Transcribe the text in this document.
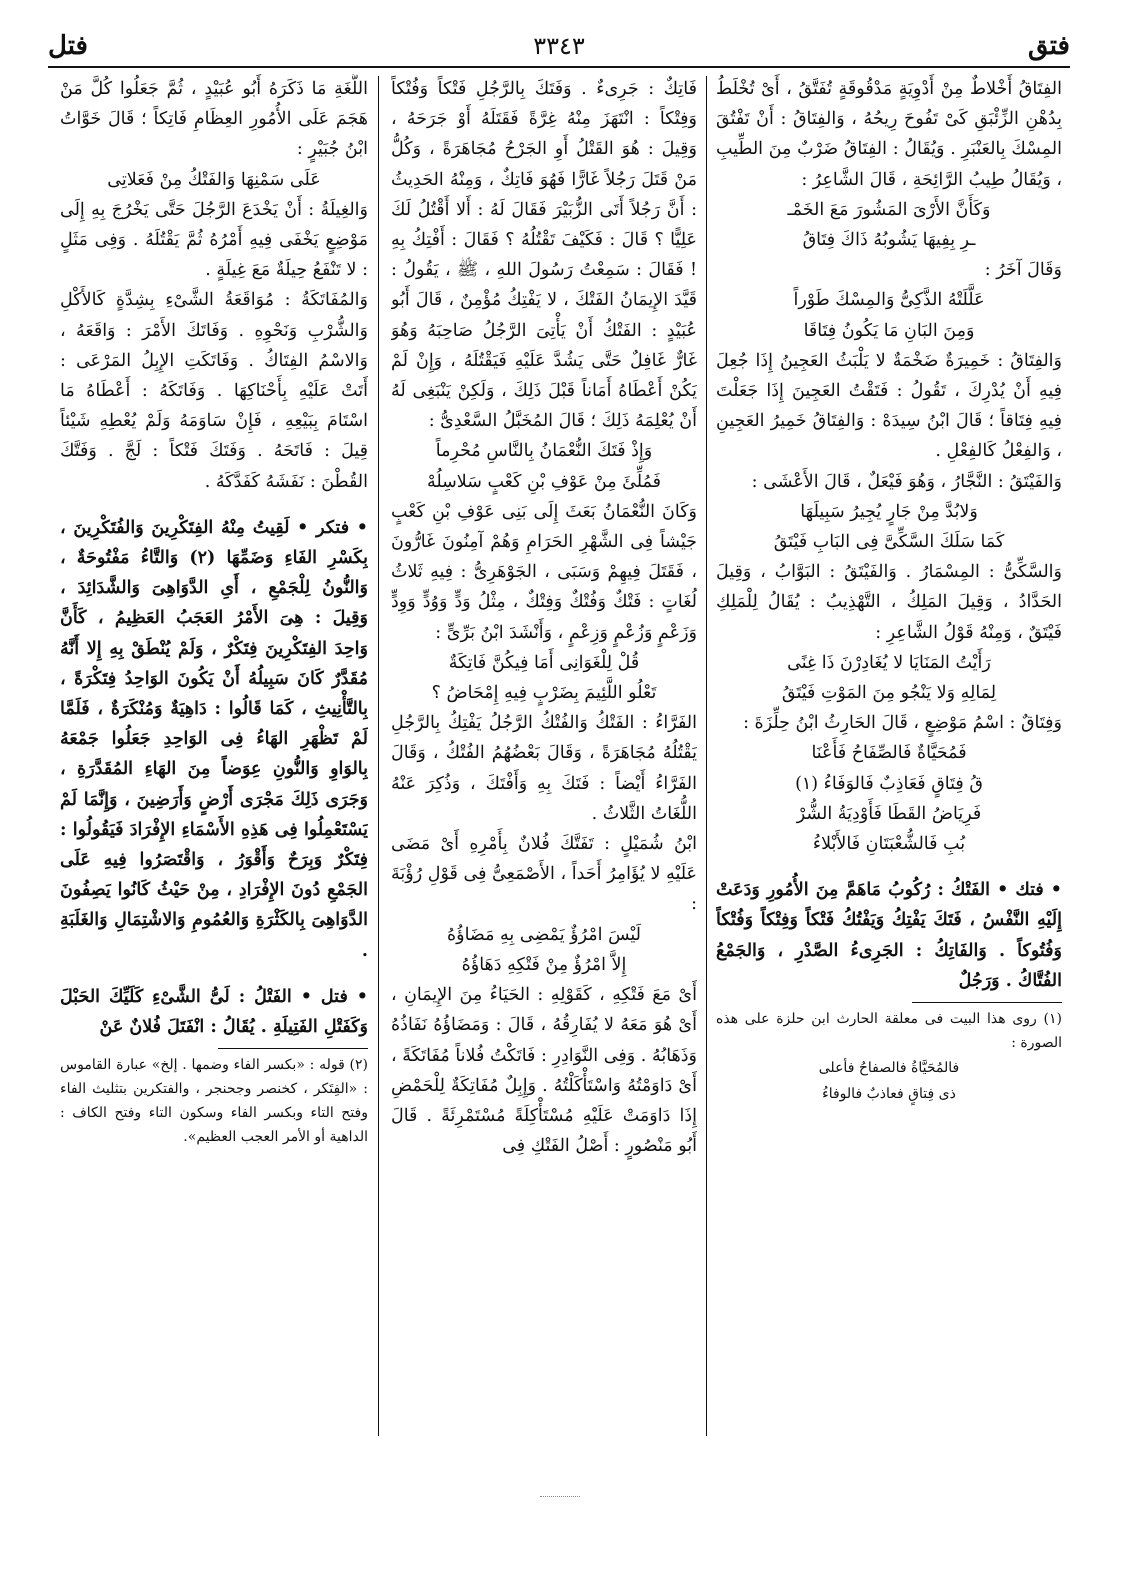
فتق
٣٣٤٣
فتل

الفِتَاقُ أَخْلاطٌ مِنْ أَدْوِيَةٍ مَدْقُوقَةٍ تُفَتَّقُ ، أَىْ تُخْلَطُ بِدُهْنِ الزِّئْبَقِ كَىْ تَفُوحَ رِيحُهُ ، وَالفِتَاقُ : أَنْ تَفْتُقَ المِسْكَ بِالعَنْبَرِ . وَيُقَالُ : الفِتَاقُ ضَرْبٌ مِنَ الطِّيبِ ، وَيُقَالُ طِيبُ الرَّائِحَةِ ، قَالَ الشَّاعِرُ :

وَكَأَنَّ الأَرْىَ المَشُورَ مَعَ الخَمْـ

ـرِ بِفِيهَا يَشُوبُهُ ذَاكَ فِتَاقُ

وَقَالَ آخَرُ :

عَلَّلَتْهُ الذَّكِىُّ وَالمِسْكَ طَوْراً

وَمِنَ البَانِ مَا يَكُونُ فِتَاقَا

وَالفِتَاقُ : خَمِيرَةٌ ضَخْمَةٌ لا يَلْبَثُ العَجِينُ إِذَا جُعِلَ فِيهِ أَنْ يُدْرِكَ ، تَقُولُ : فَتَقْتُ العَجِينَ إِذَا جَعَلْتَ فِيهِ فِتَاقاً ؛ قَالَ ابْنُ سِيدَهْ : وَالفِتَاقُ خَمِيرُ العَجِينِ ، وَالفِعْلُ كَالفِعْلِ .

وَالفَيْتَقُ : النَّجَّارُ ، وَهُوَ فَيْعَلٌ ، قَالَ الأَعْشَى :

وَلابُدَّ مِنْ جَارٍ يُجِيرُ سَبِيلَهَا

كَمَا سَلَكَ السَّكِّىَّ فِى البَابِ فَيْتَقُ

وَالسَّكِّىُّ : المِسْمَارُ . وَالفَيْتَقُ : البَوَّابُ ، وَقِيلَ الحَدَّادُ ، وَقِيلَ المَلِكُ ، التَّهْذِيبُ : يُقَالُ لِلْمَلِكِ فَيْتَقٌ ، وَمِنْهُ قَوْلُ الشَّاعِرِ :

رَأَيْتُ المَنَايَا لا يُغَادِرْنَ ذَا غِنًى

لِمَالِهِ وَلا يَنْجُو مِنَ المَوْتِ فَيْتَقُ

وَفِتَاقٌ : اسْمُ مَوْضِعٍ ، قَالَ الحَارِثُ ابْنُ حِلِّزَةَ :

فَمُحَيَّاةٌ فَالصِّفَاحُ فَأَعْنَا

قُ فِتَاقٍ فَعَاذِبٌ فَالوَفَاءُ (١)

فَرِيَاضُ القَطَا فَأَوْدِيَةُ الشُّرْ

بُبِ فَالشُّعْبَتَانِ فَالأَبْلاءُ

• فتك • الفَتْكُ : رُكُوبُ مَاهَمَّ مِنَ الأُمُورِ وَدَعَتْ إِلَيْهِ النَّفْسُ ، فَتَكَ يَفْتِكُ وَيَفْتُكُ فَتْكاً وَفِتْكاً وَفُتْكاً وَفُتُوكاً . وَالفَاتِكُ : الجَرِىءُ الصَّدْرِ ، وَالجَمْعُ الفُتَّاكُ . وَرَجُلٌ

(١) روى هذا البيت فى معلقة الحارث ابن حلزة على هذه الصورة :

فالمُحَيَّاةُ فالصفاحُ فأعلى

ذى فِتاقٍ فعاذبٌ فالوفاءُ

فَاتِكٌ : جَرِىءٌ . وَفَتَكَ بِالرَّجُلِ فَتْكاً وَفُتْكاً وَفِتْكاً : انْتَهَزَ مِنْهُ غِرَّةً فَقَتَلَهُ أَوْ جَرَحَهُ ، وَقِيلَ : هُوَ القَتْلُ أَوِ الجَرْحُ مُجَاهَرَةً ، وَكُلُّ مَنْ قَتَلَ رَجُلاً غَارًّا فَهُوَ فَاتِكٌ ، وَمِنْهُ الحَدِيثُ : أَنَّ رَجُلاً أَتَى الزُّبَيْرَ فَقَالَ لَهُ : أَلا أَقْتُلُ لَكَ عَلِيًّا ؟ قَالَ : فَكَيْفَ تَقْتُلُهُ ؟ فَقَالَ : أَفْتِكُ بِهِ ! فَقَالَ : سَمِعْتُ رَسُولَ اللهِ ، ﷺ ، يَقُولُ : قَيَّدَ الإِيمَانُ الفَتْكَ ، لا يَفْتِكُ مُؤْمِنٌ ، قَالَ أَبُو عُبَيْدٍ : الفَتْكُ أَنْ يَأْتِىَ الرَّجُلُ صَاحِبَهُ وَهُوَ غَارٌّ غَافِلٌ حَتَّى يَشُدَّ عَلَيْهِ فَيَقْتُلَهُ ، وَإِنْ لَمْ يَكُنْ أَعْطَاهُ أَمَاناً قَبْلَ ذَلِكَ ، وَلَكِنْ يَنْبَغِى لَهُ أَنْ يُعْلِمَهُ ذَلِكَ ؛ قَالَ المُخَبَّلُ السَّعْدِىُّ :

وَإِذْ فَتَكَ النُّعْمَانُ بِالنَّاسِ مُحْرِماً

فَمُلِّئَ مِنْ عَوْفِ بْنِ كَعْبٍ سَلاسِلُهْ

وَكَانَ النُّعْمَانُ بَعَثَ إِلَى بَنِى عَوْفِ بْنِ كَعْبٍ جَيْشاً فِى الشَّهْرِ الحَرَامِ وَهُمْ آمِنُونَ غَارُّونَ ، فَقَتَلَ فِيهِمْ وَسَبَى ، الجَوْهَرِىُّ : فِيهِ ثَلاثُ لُغَاتٍ : فَتْكٌ وَفُتْكٌ وَفِتْكٌ ، مِثْلُ وَدٍّ وَوُدٍّ وَوِدٍّ وَزَعْمٍ وَزُعْمٍ وَزِعْمٍ ، وَأَنْشَدَ ابْنُ بَرِّىٍّ :

قُلْ لِلْغَوَانِى أَمَا فِيكُنَّ فَاتِكَةٌ

تَعْلُو اللَّئِيمَ بِضَرْبٍ فِيهِ إِمْحَاضُ ؟

الفَرَّاءُ : الفَتْكُ وَالفُتْكُ الرَّجُلُ يَفْتِكُ بِالرَّجُلِ يَقْتُلُهُ مُجَاهَرَةً ، وَقَالَ بَعْضُهُمُ الفُتْكُ ، وَقَالَ الفَرَّاءُ أَيْضاً : فَتَكَ بِهِ وَأَفْتَكَ ، وَذُكِرَ عَنْهُ اللُّغَاتُ الثَّلاثُ .

ابْنُ شُمَيْلٍ : تَفَتَّكَ فُلانٌ بِأَمْرِهِ أَىْ مَضَى عَلَيْهِ لا يُؤَامِرُ أَحَداً ، الأَصْمَعِىُّ فِى قَوْلِ رُؤْبَةَ :

لَيْسَ امْرُؤٌ يَمْضِى بِهِ مَضَاؤُهُ

إِلاَّ امْرُؤٌ مِنْ فَتْكِهِ دَهَاؤُهُ

أَىْ مَعَ فَتْكِهِ ، كَقَوْلِهِ : الحَيَاءُ مِنَ الإِيمَانِ ، أَىْ هُوَ مَعَهُ لا يُفَارِقُهُ ، قَالَ : وَمَضَاؤُهُ نَفَاذُهُ وَذَهَابُهُ . وَفِى النَّوَادِرِ : فَاتَكْتُ فُلاناً مُفَاتَكَةً ، أَىْ دَاوَمْتُهُ وَاسْتَأْكَلْتُهُ . وَإِبِلٌ مُفَاتِكَةٌ لِلْحَمْضِ إِذَا دَاوَمَتْ عَلَيْهِ مُسْتَأْكِلَةً مُسْتَمْرِئَةً . قَالَ أَبُو مَنْصُورٍ : أَصْلُ الفَتْكِ فِى

اللُّغَةِ مَا ذَكَرَهُ أَبُو عُبَيْدٍ ، ثُمَّ جَعَلُوا كُلَّ مَنْ هَجَمَ عَلَى الأُمُورِ العِظَامِ فَاتِكاً ؛ قَالَ خَوَّاتُ ابْنُ جُبَيْرٍ :

عَلَى سَمْنِهَا وَالفَتْكُ مِنْ فَعَلاتِى

وَالغِيلَةُ : أَنْ يَخْدَعَ الرَّجُلَ حَتَّى يَخْرُجَ بِهِ إِلَى مَوْضِعٍ يَخْفَى فِيهِ أَمْرُهُ ثُمَّ يَقْتُلَهُ . وَفِى مَثَلٍ : لا تَنْفَعُ حِيلَةٌ مَعَ غِيلَةٍ .

وَالمُفَاتَكَةُ : مُوَاقَعَةُ الشَّىْءِ بِشِدَّةٍ كَالأَكْلِ وَالشُّرْبِ وَنَحْوِهِ . وَفَاتَكَ الأَمْرَ : وَاقَعَهُ ، وَالاسْمُ الفِتَاكُ . وَفَاتَكَتِ الإِبِلُ المَرْعَى : أَتَتْ عَلَيْهِ بِأَحْنَاكِهَا . وَفَاتَكَهُ : أَعْطَاهُ مَا اسْتَامَ بِبَيْعِهِ ، فَإِنْ سَاوَمَهُ وَلَمْ يُعْطِهِ شَيْئاً قِيلَ : فَاتَحَهُ . وَفَتَكَ فَتْكاً : لَجَّ . وَفَتَّكَ القُطْنَ : نَفَشَهُ كَفَدَّكَهُ .

• فتكر • لَقِيتُ مِنْهُ الفِتَكْرِينَ وَالفُتَكْرِينَ ، بِكَسْرِ الفَاءِ وَضَمِّهَا (٢) وَالتَّاءُ مَفْتُوحَةٌ ، وَالنُّونُ لِلْجَمْعِ ، أَىِ الدَّوَاهِىَ وَالشَّدَائِدَ ، وَقِيلَ : هِىَ الأَمْرُ العَجَبُ العَظِيمُ ، كَأَنَّ وَاحِدَ الفِتَكْرِينَ فِتَكْرٌ ، وَلَمْ يُنْطَقْ بِهِ إِلا أَنَّهُ مُقَدَّرٌ كَانَ سَبِيلُهُ أَنْ يَكُونَ الوَاحِدُ فِتَكْرَةً ، بِالتَّأْنِيثِ ، كَمَا قَالُوا : دَاهِيَةٌ وَمُنْكَرَةٌ ، فَلَمَّا لَمْ تَظْهَرِ الهَاءُ فِى الوَاحِدِ جَعَلُوا جَمْعَهُ بِالوَاوِ وَالنُّونِ عِوَضاً مِنَ الهَاءِ المُقَدَّرَةِ ، وَجَرَى ذَلِكَ مَجْرَى أَرْضٍ وَأَرَضِينَ ، وَإِنَّمَا لَمْ يَسْتَعْمِلُوا فِى هَذِهِ الأَسْمَاءِ الإِفْرَادَ فَيَقُولُوا : فِتَكْرٌ وَبِرَحٌ وَأَقْوَرُ ، وَاقْتَصَرُوا فِيهِ عَلَى الجَمْعِ دُونَ الإِفْرَادِ ، مِنْ حَيْثُ كَانُوا يَصِفُونَ الدَّوَاهِىَ بِالكَثْرَةِ وَالعُمُومِ وَالاشْتِمَالِ وَالغَلَبَةِ .

• فتل • الفَتْلُ : لَىُّ الشَّىْءِ كَلَيِّكَ الحَبْلَ وَكَفَتْلِ الفَتِيلَةِ . يُقَالُ : انْفَتَلَ فُلانٌ عَنْ

(٢) قوله : «بكسر الفاء وضمها . إلخ» عبارة القاموس : «الفِتَكر ، كخنصر وجحنجر ، والفتكرين بتثليث الفاء وفتح التاء وبكسر الفاء وسكون التاء وفتح الكاف : الداهية أو الأمر العجب العظيم».
